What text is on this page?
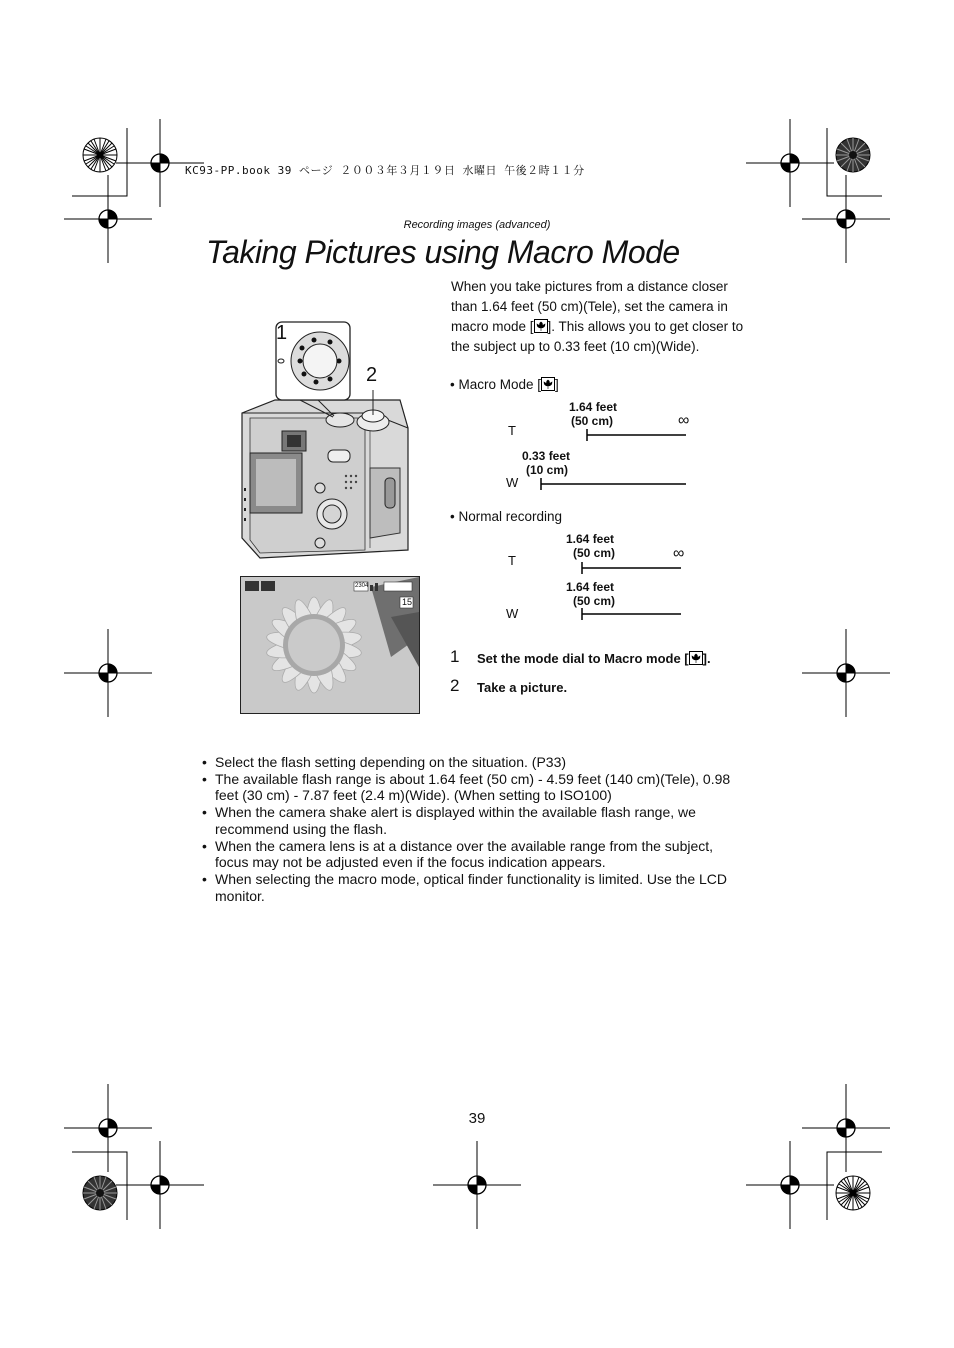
KC93-PP.book 39 ページ ２００３年３月１９日 水曜日 午後２時１１分
Recording images (advanced)
Taking Pictures using Macro Mode
When you take pictures from a distance closer than 1.64 feet (50 cm)(Tele), set the camera in macro mode [ ]. This allows you to get closer to the subject up to 0.33 feet (10 cm)(Wide).
1
2
2304
15
• Macro Mode [ ]
1.64 feet
(50 cm)
T
∞
0.33 feet
(10 cm)
W
• Normal recording
1.64 feet
(50 cm)
T	∞
1.64 feet
(50 cm)
W
1 Set the mode dial to Macro mode [ ].
2 Take a picture.
• Select the flash setting depending on the situation. (P33)
• The available flash range is about 1.64 feet (50 cm) - 4.59 feet (140 cm)(Tele), 0.98 feet (30 cm) - 7.87 feet (2.4 m)(Wide). (When setting to ISO100)
• When the camera shake alert is displayed within the available flash range, we recommend using the flash.
• When the camera lens is at a distance over the available range from the subject, focus may not be adjusted even if the focus indication appears.
• When selecting the macro mode, optical finder functionality is limited. Use the LCD monitor.
39
